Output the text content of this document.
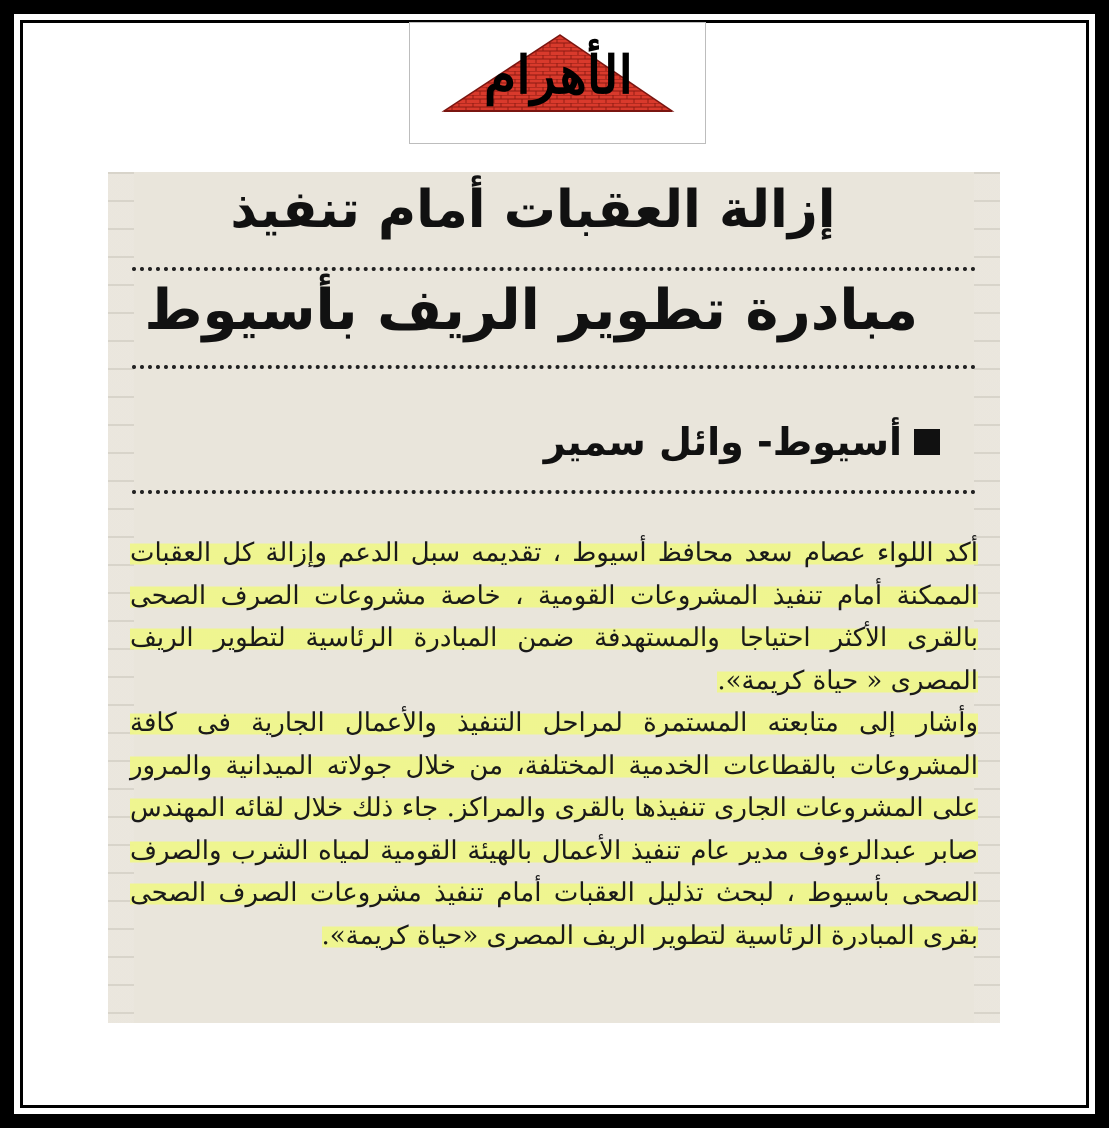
الأهرام
إزالة العقبات أمام تنفيذ
مبادرة تطوير الريف بأسيوط
أسيوط- وائل سمير

أكد اللواء عصام سعد محافظ أسيوط ، تقديمه سبل الدعم وإزالة كل العقبات الممكنة أمام تنفيذ المشروعات القومية ، خاصة مشروعات الصرف الصحى بالقرى الأكثر احتياجا والمستهدفة ضمن المبادرة الرئاسية لتطوير الريف المصرى « حياة كريمة».

وأشار إلى متابعته المستمرة لمراحل التنفيذ والأعمال الجارية فى كافة المشروعات بالقطاعات الخدمية المختلفة، من خلال جولاته الميدانية والمرور على المشروعات الجارى تنفيذها بالقرى والمراكز. جاء ذلك خلال لقائه المهندس صابر عبدالرءوف مدير عام تنفيذ الأعمال بالهيئة القومية لمياه الشرب والصرف الصحى بأسيوط ، لبحث تذليل العقبات أمام تنفيذ مشروعات الصرف الصحى بقرى المبادرة الرئاسية لتطوير الريف المصرى «حياة كريمة».
